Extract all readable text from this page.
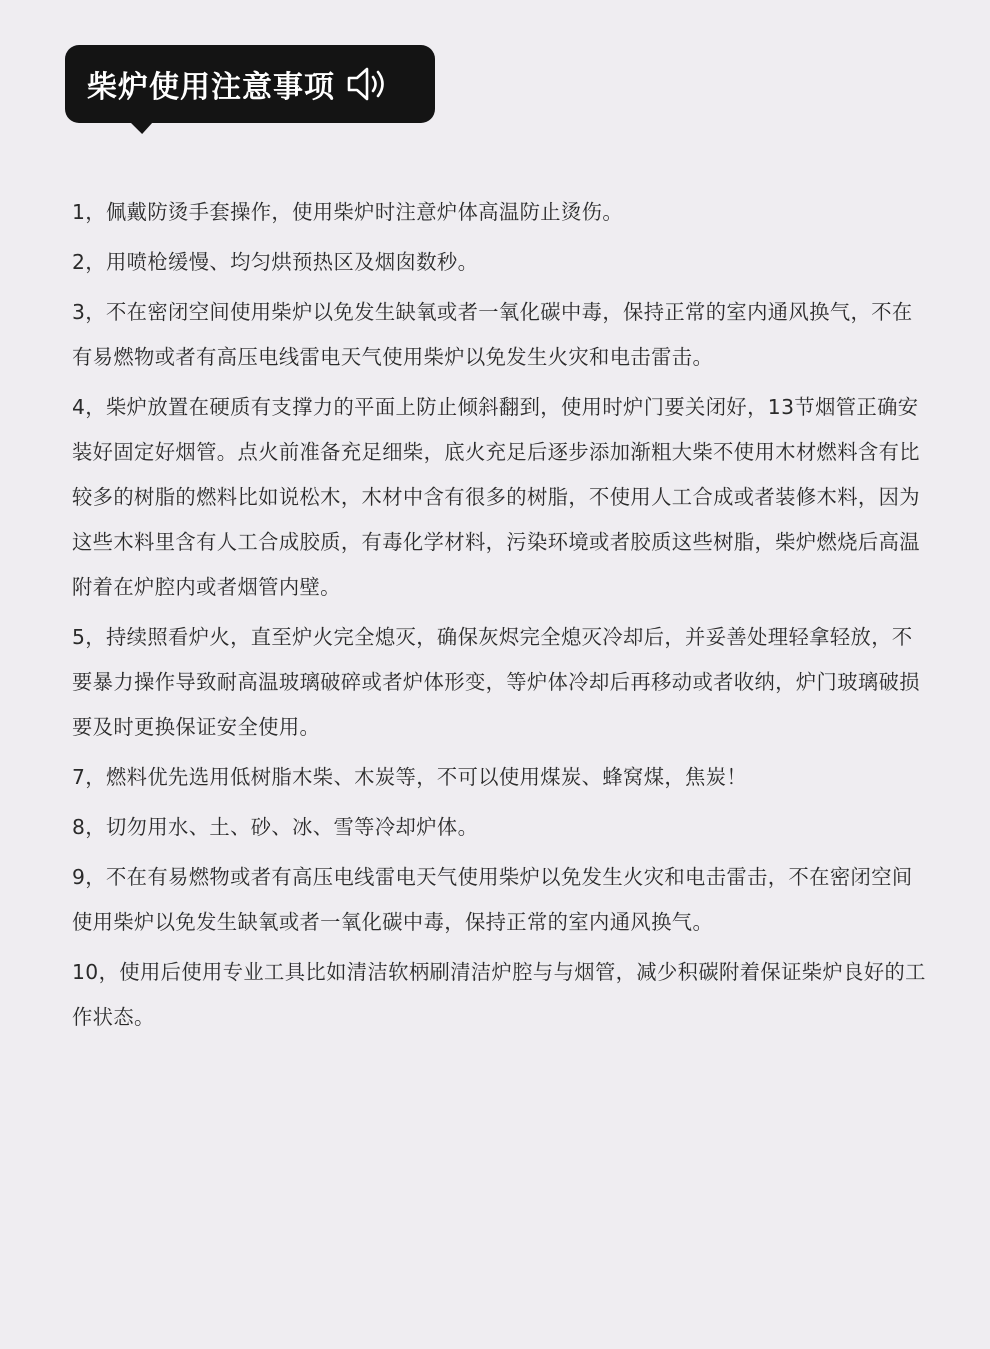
柴炉使用注意事项
1，佩戴防烫手套操作，使用柴炉时注意炉体高温防止烫伤。
2，用喷枪缓慢、均匀烘预热区及烟囱数秒。
3，不在密闭空间使用柴炉以免发生缺氧或者一氧化碳中毒，保持正常的室内通风换气，不在有易燃物或者有高压电线雷电天气使用柴炉以免发生火灾和电击雷击。
4，柴炉放置在硬质有支撑力的平面上防止倾斜翻到，使用时炉门要关闭好，13节烟管正确安装好固定好烟管。点火前准备充足细柴，底火充足后逐步添加渐粗大柴不使用木材燃料含有比较多的树脂的燃料比如说松木，木材中含有很多的树脂，不使用人工合成或者装修木料，因为这些木料里含有人工合成胶质，有毒化学材料，污染环境或者胶质这些树脂，柴炉燃烧后高温附着在炉腔内或者烟管内壁。
5，持续照看炉火，直至炉火完全熄灭，确保灰烬完全熄灭冷却后，并妥善处理轻拿轻放，不要暴力操作导致耐高温玻璃破碎或者炉体形变，等炉体冷却后再移动或者收纳，炉门玻璃破损要及时更换保证安全使用。
7，燃料优先选用低树脂木柴、木炭等，不可以使用煤炭、蜂窝煤，焦炭！
8，切勿用水、土、砂、冰、雪等冷却炉体。
9，不在有易燃物或者有高压电线雷电天气使用柴炉以免发生火灾和电击雷击，不在密闭空间使用柴炉以免发生缺氧或者一氧化碳中毒，保持正常的室内通风换气。
10，使用后使用专业工具比如清洁软柄刷清洁炉腔与与烟管，减少积碳附着保证柴炉良好的工作状态。
